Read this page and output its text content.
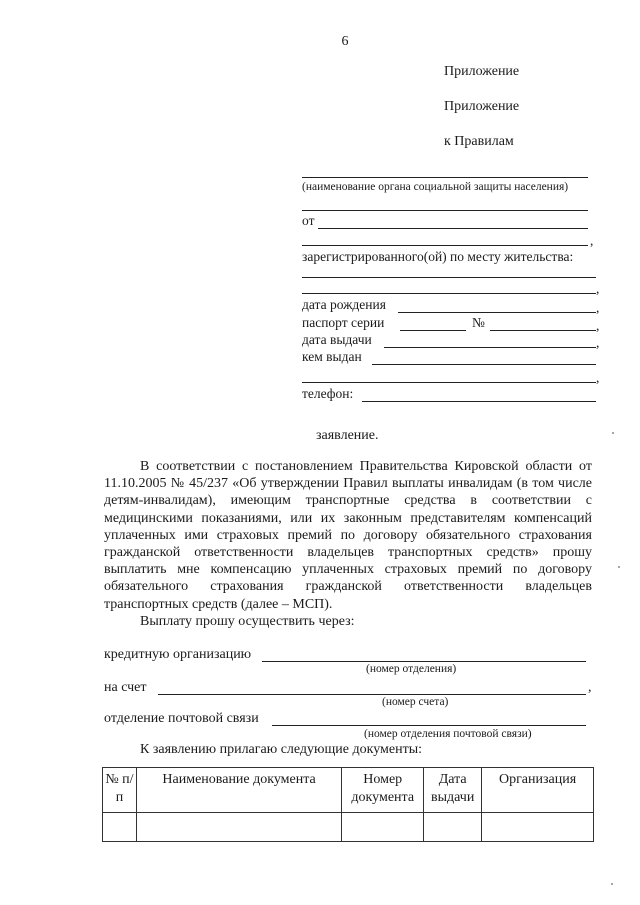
6
Приложение
Приложение
к Правилам
(наименование органа социальной защиты населения)
от
,
зарегистрированного(ой) по месту жительства:
,
дата рождения	,
паспорт серии	№	,
дата выдачи	,
кем выдан
,
телефон:
заявление.

В соответствии с постановлением Правительства Кировской области от 11.10.2005 № 45/237 «Об утверждении Правил выплаты инвалидам (в том числе детям-инвалидам), имеющим транспортные средства в соответствии с медицинскими показаниями, или их законным представителям компенсаций уплаченных ими страховых премий по договору обязательного страхования гражданской ответственности владельцев транспортных средств» прошу выплатить мне компенсацию уплаченных страховых премий по договору обязательного страхования гражданской ответственности владельцев транспортных средств (далее – МСП).

Выплату прошу осуществить через:

кредитную организацию
(номер отделения)
на счет	,
(номер счета)
отделение почтовой связи
(номер отделения почтовой связи)
К заявлению прилагаю следующие документы:
№ п/п	Наименование документа	Номер документа	Дата выдачи	Организация
